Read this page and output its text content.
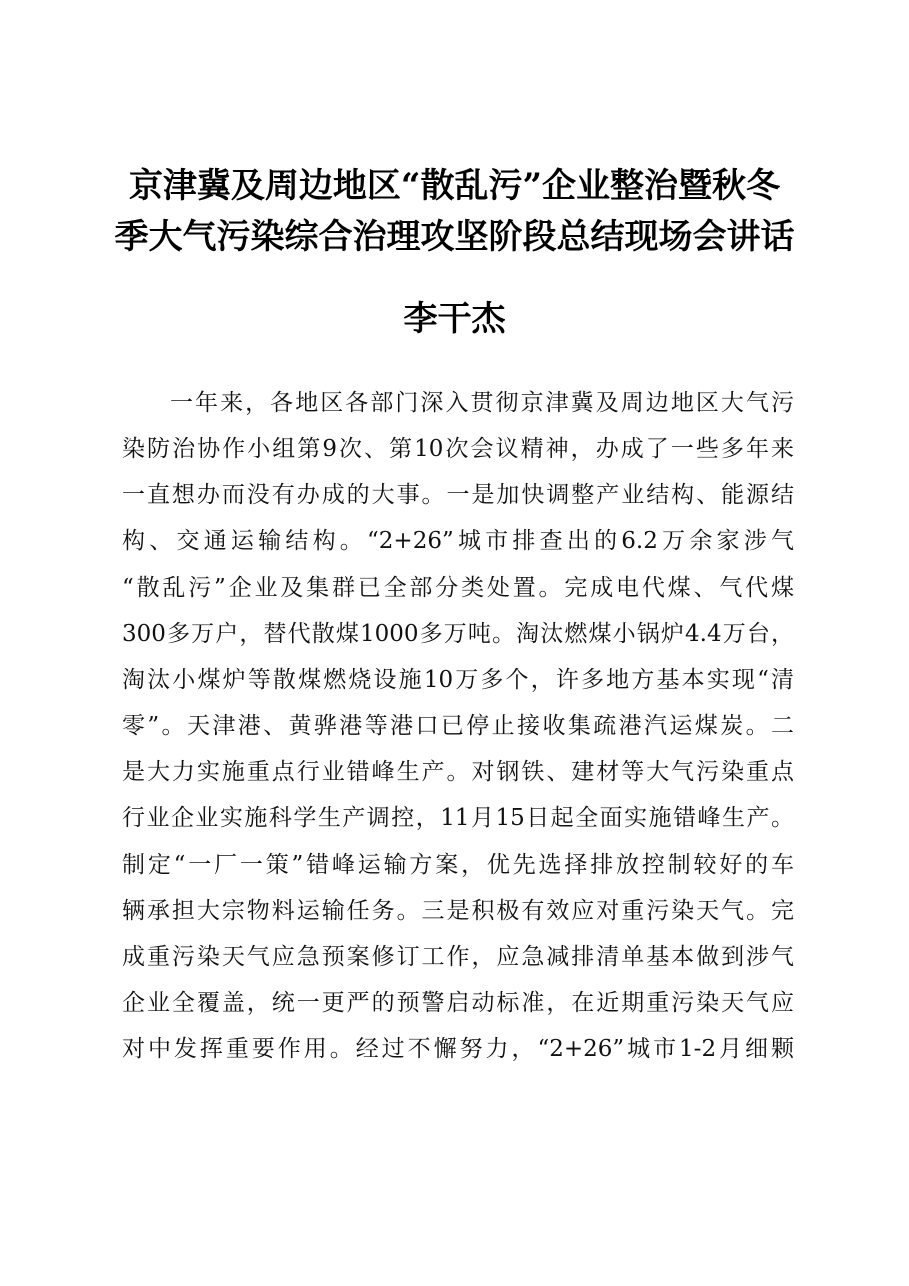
京津冀及周边地区“散乱污”企业整治暨秋冬
季大气污染综合治理攻坚阶段总结现场会讲话
李干杰
一年来，各地区各部门深入贯彻京津冀及周边地区大气污
染防治协作小组第9次、第10次会议精神，办成了一些多年来
一直想办而没有办成的大事。一是加快调整产业结构、能源结
构、交通运输结构。“2+26”城市排查出的6.2万余家涉气
“散乱污”企业及集群已全部分类处置。完成电代煤、气代煤
300多万户，替代散煤1000多万吨。淘汰燃煤小锅炉4.4万台，
淘汰小煤炉等散煤燃烧设施10万多个，许多地方基本实现“清
零”。天津港、黄骅港等港口已停止接收集疏港汽运煤炭。二
是大力实施重点行业错峰生产。对钢铁、建材等大气污染重点
行业企业实施科学生产调控，11月15日起全面实施错峰生产。
制定“一厂一策”错峰运输方案，优先选择排放控制较好的车
辆承担大宗物料运输任务。三是积极有效应对重污染天气。完
成重污染天气应急预案修订工作，应急减排清单基本做到涉气
企业全覆盖，统一更严的预警启动标准，在近期重污染天气应
对中发挥重要作用。经过不懈努力，“2+26”城市1-2月细颗
